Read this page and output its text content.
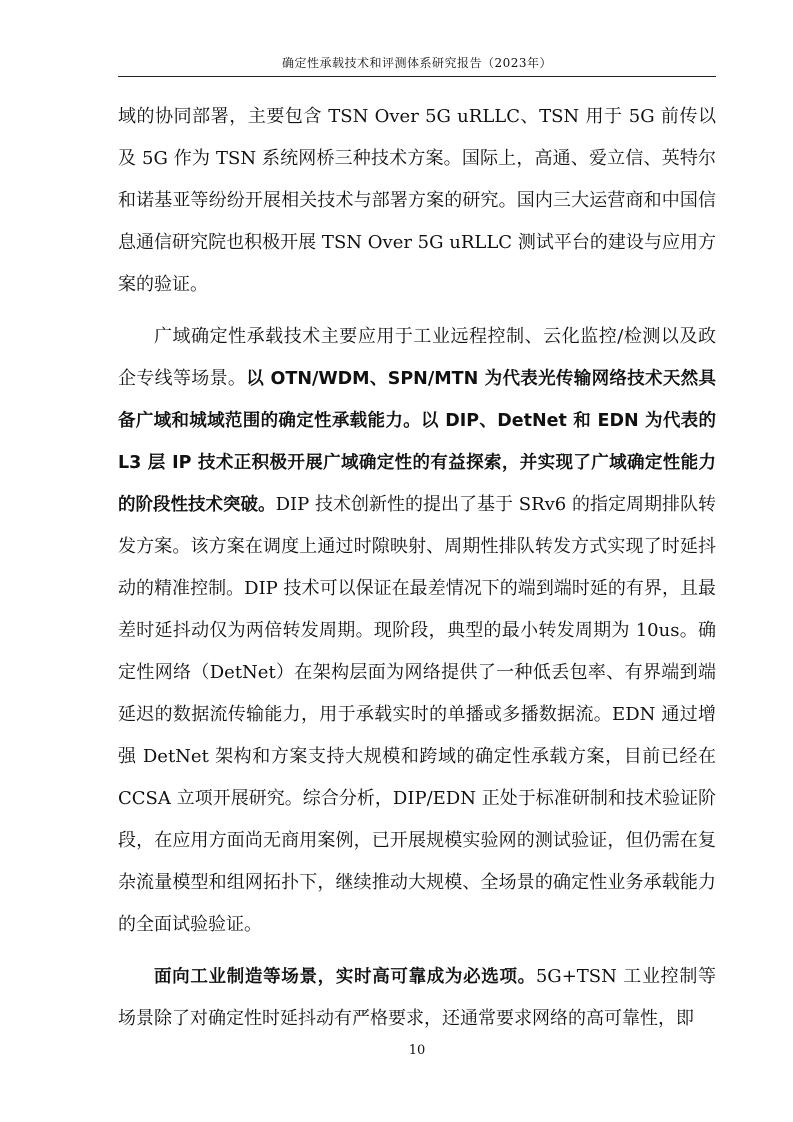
确定性承载技术和评测体系研究报告（2023年）

域的协同部署，主要包含 TSN Over 5G uRLLC、TSN 用于 5G 前传以及 5G 作为 TSN 系统网桥三种技术方案。国际上，高通、爱立信、英特尔和诺基亚等纷纷开展相关技术与部署方案的研究。国内三大运营商和中国信息通信研究院也积极开展 TSN Over 5G uRLLC 测试平台的建设与应用方案的验证。

广域确定性承载技术主要应用于工业远程控制、云化监控/检测以及政企专线等场景。以 OTN/WDM、SPN/MTN 为代表光传输网络技术天然具备广域和城域范围的确定性承载能力。以 DIP、DetNet 和 EDN 为代表的 L3 层 IP 技术正积极开展广域确定性的有益探索，并实现了广域确定性能力的阶段性技术突破。DIP 技术创新性的提出了基于 SRv6 的指定周期排队转发方案。该方案在调度上通过时隙映射、周期性排队转发方式实现了时延抖动的精准控制。DIP 技术可以保证在最差情况下的端到端时延的有界，且最差时延抖动仅为两倍转发周期。现阶段，典型的最小转发周期为 10us。确定性网络（DetNet）在架构层面为网络提供了一种低丢包率、有界端到端延迟的数据流传输能力，用于承载实时的单播或多播数据流。EDN 通过增强 DetNet 架构和方案支持大规模和跨域的确定性承载方案，目前已经在 CCSA 立项开展研究。综合分析，DIP/EDN 正处于标准研制和技术验证阶段，在应用方面尚无商用案例，已开展规模实验网的测试验证，但仍需在复杂流量模型和组网拓扑下，继续推动大规模、全场景的确定性业务承载能力的全面试验验证。

面向工业制造等场景，实时高可靠成为必选项。5G+TSN 工业控制等场景除了对确定性时延抖动有严格要求，还通常要求网络的高可靠性，即

10
